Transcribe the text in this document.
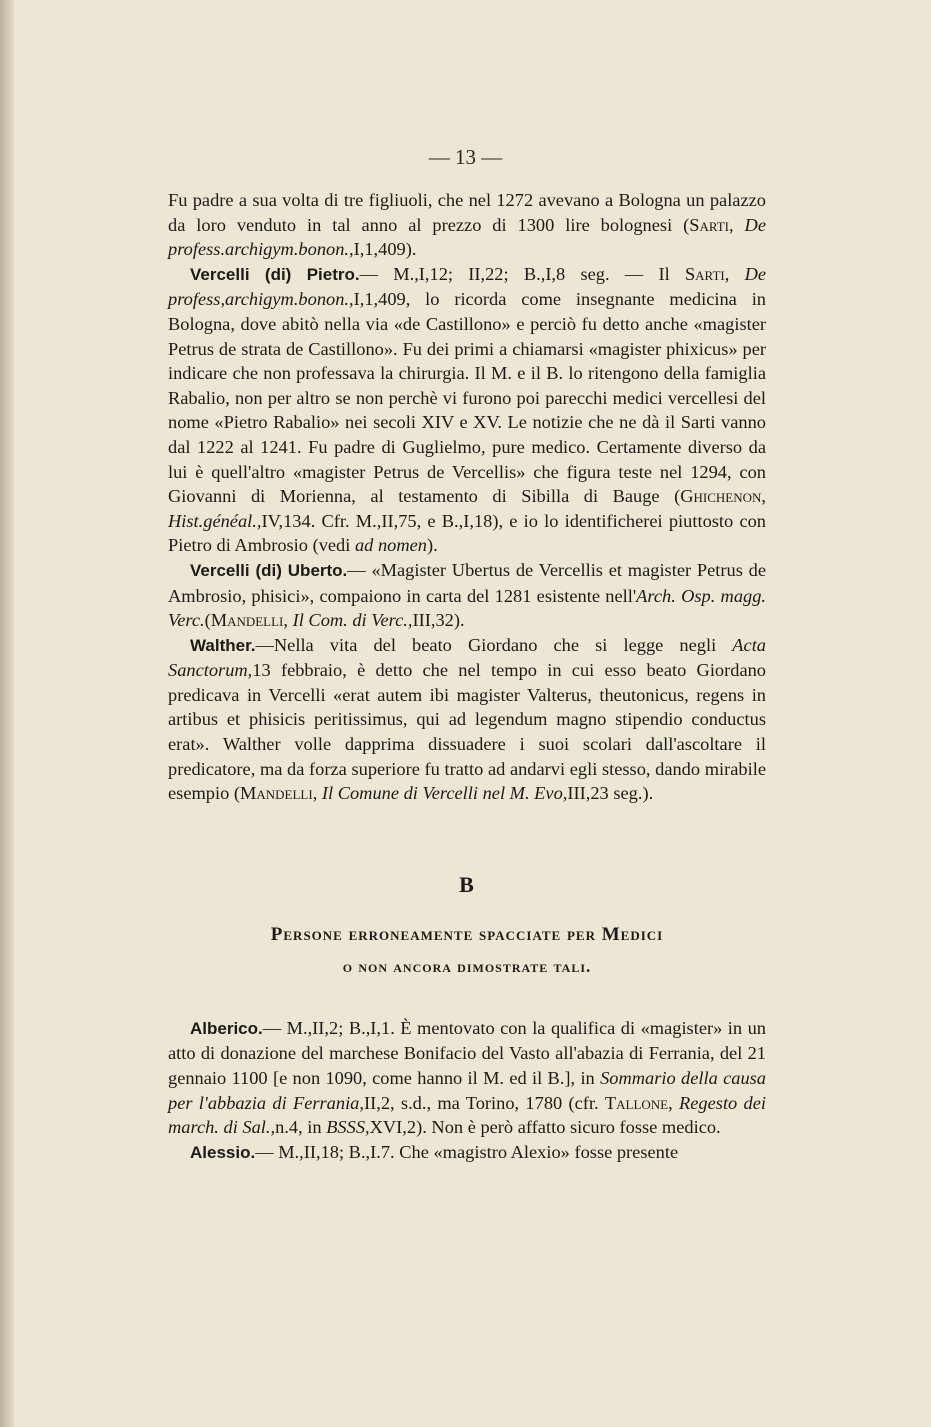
— 13 —

Fu padre a sua volta di tre figliuoli, che nel 1272 avevano a Bologna un palazzo da loro venduto in tal anno al prezzo di 1300 lire bolognesi (Sarti, De profess.archigym.bonon.,I,1,409).

Vercelli (di) Pietro.— M.,I,12; II,22; B.,I,8 seg. — Il Sarti, De profess,archigym.bonon.,I,1,409, lo ricorda come insegnante medicina in Bologna, dove abitò nella via «de Castillono» e perciò fu detto anche «magister Petrus de strata de Castillono». Fu dei primi a chiamarsi «magister phixicus» per indicare che non professava la chirurgia. Il M. e il B. lo ritengono della famiglia Rabalio, non per altro se non perchè vi furono poi parecchi medici vercellesi del nome «Pietro Rabalio» nei secoli XIV e XV. Le notizie che ne dà il Sarti vanno dal 1222 al 1241. Fu padre di Guglielmo, pure medico. Certamente diverso da lui è quell'altro «magister Petrus de Vercellis» che figura teste nel 1294, con Giovanni di Morienna, al testamento di Sibilla di Bauge (Ghichenon, Hist.généal.,IV,134. Cfr. M.,II,75, e B.,I,18), e io lo identificherei piuttosto con Pietro di Ambrosio (vedi ad nomen).

Vercelli (di) Uberto.— «Magister Ubertus de Vercellis et magister Petrus de Ambrosio, phisici», compaiono in carta del 1281 esistente nell'Arch. Osp. magg. Verc.(Mandelli, Il Com. di Verc.,III,32).

Walther.—Nella vita del beato Giordano che si legge negli Acta Sanctorum,13 febbraio, è detto che nel tempo in cui esso beato Giordano predicava in Vercelli «erat autem ibi magister Valterus, theutonicus, regens in artibus et phisicis peritissimus, qui ad legendum magno stipendio conductus erat». Walther volle dapprima dissuadere i suoi scolari dall'ascoltare il predicatore, ma da forza superiore fu tratto ad andarvi egli stesso, dando mirabile esempio (Mandelli, Il Comune di Vercelli nel M. Evo,III,23 seg.).

B
Persone erroneamente spacciate per Medici
o non ancora dimostrate tali.

Alberico.— M.,II,2; B.,I,1. È mentovato con la qualifica di «magister» in un atto di donazione del marchese Bonifacio del Vasto all'abazia di Ferrania, del 21 gennaio 1100 [e non 1090, come hanno il M. ed il B.], in Sommario della causa per l'abbazia di Ferrania,II,2, s.d., ma Torino, 1780 (cfr. Tallone, Regesto dei march. di Sal.,n.4, in BSSS,XVI,2). Non è però affatto sicuro fosse medico.

Alessio.— M.,II,18; B.,I.7. Che «magistro Alexio» fosse presente
